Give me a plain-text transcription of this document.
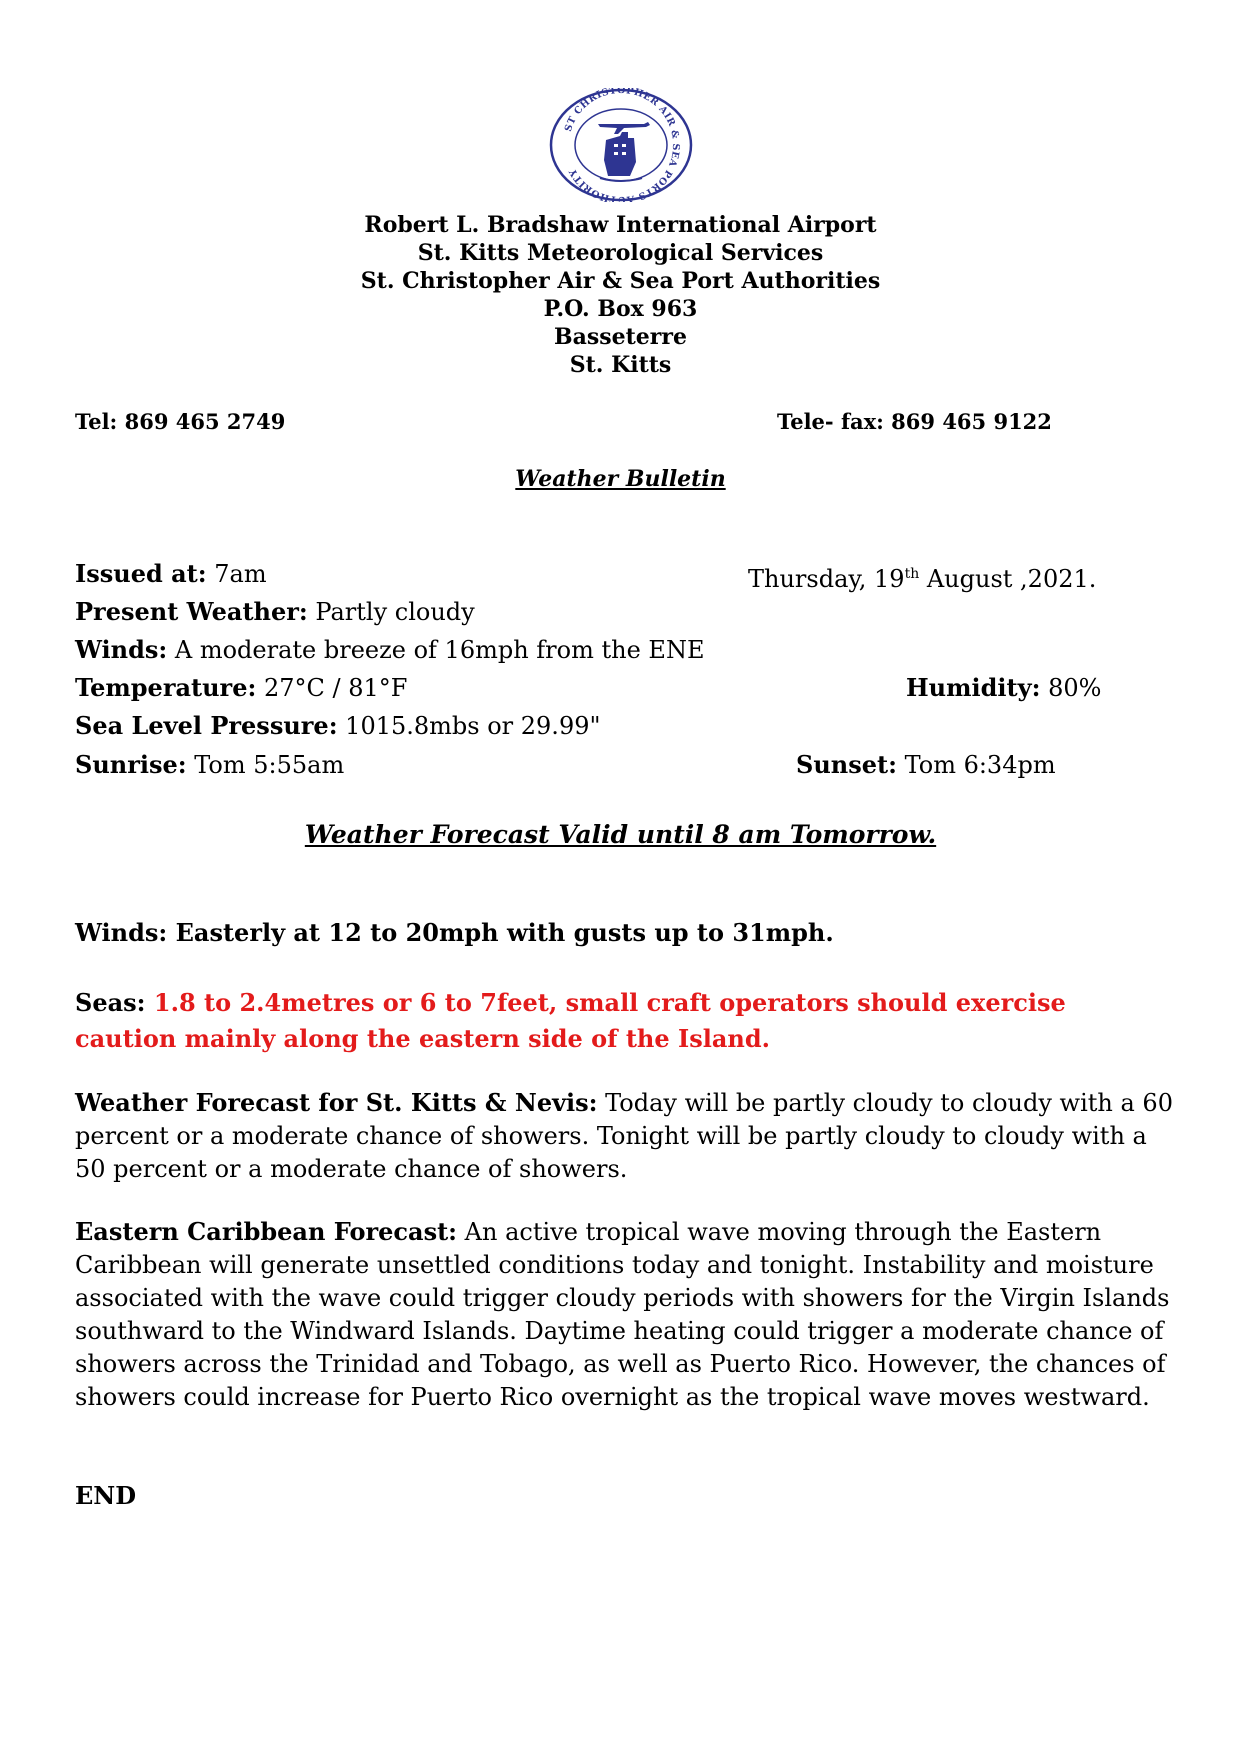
ST CHRISTOPHER AIR & SEA PORTS AUTHORITY
Robert L. Bradshaw International Airport
St. Kitts Meteorological Services
St. Christopher Air & Sea Port Authorities
P.O. Box 963
Basseterre
St. Kitts
Tel: 869 465 2749	Tele- fax: 869 465 9122
Weather Bulletin
Issued at: 7am	Thursday, 19th August ,2021.
Present Weather: Partly cloudy
Winds: A moderate breeze of 16mph from the ENE
Temperature: 27°C / 81°F	Humidity: 80%
Sea Level Pressure: 1015.8mbs or 29.99"
Sunrise: Tom 5:55am	Sunset: Tom 6:34pm
Weather Forecast Valid until 8 am Tomorrow.
Winds: Easterly at 12 to 20mph with gusts up to 31mph.
Seas: 1.8 to 2.4metres or 6 to 7feet, small craft operators should exercise caution mainly along the eastern side of the Island.
Weather Forecast for St. Kitts & Nevis: Today will be partly cloudy to cloudy with a 60 percent or a moderate chance of showers. Tonight will be partly cloudy to cloudy with a 50 percent or a moderate chance of showers.
Eastern Caribbean Forecast: An active tropical wave moving through the Eastern Caribbean will generate unsettled conditions today and tonight. Instability and moisture associated with the wave could trigger cloudy periods with showers for the Virgin Islands southward to the Windward Islands. Daytime heating could trigger a moderate chance of showers across the Trinidad and Tobago, as well as Puerto Rico. However, the chances of showers could increase for Puerto Rico overnight as the tropical wave moves westward.
END
